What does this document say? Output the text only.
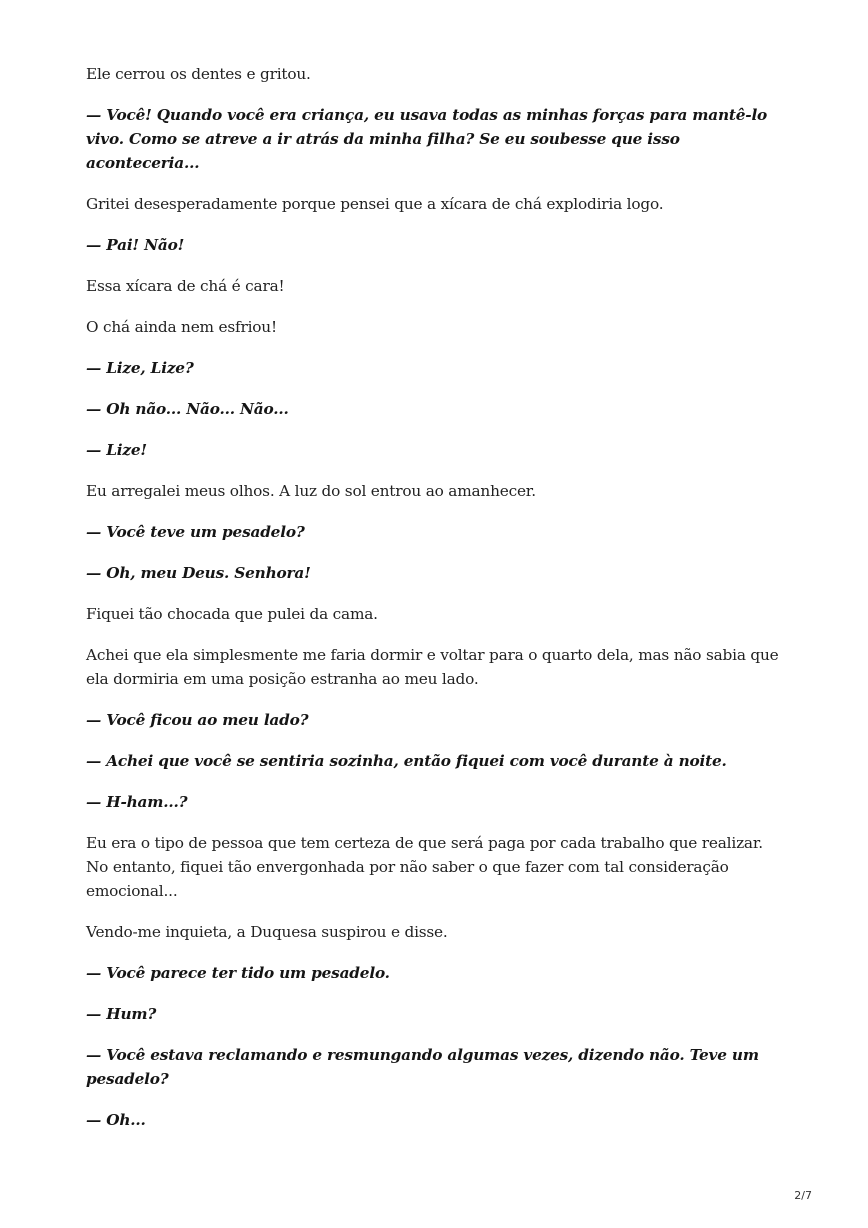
Ele cerrou os dentes e gritou.

— Você! Quando você era criança, eu usava todas as minhas forças para mantê-lo vivo. Como se atreve a ir atrás da minha filha? Se eu soubesse que isso aconteceria...

Gritei desesperadamente porque pensei que a xícara de chá explodiria logo.

— Pai! Não!

Essa xícara de chá é cara!

O chá ainda nem esfriou!

— Lize, Lize?

— Oh não... Não... Não...

— Lize!

Eu arregalei meus olhos. A luz do sol entrou ao amanhecer.

— Você teve um pesadelo?

— Oh, meu Deus. Senhora!

Fiquei tão chocada que pulei da cama.

Achei que ela simplesmente me faria dormir e voltar para o quarto dela, mas não sabia que ela dormiria em uma posição estranha ao meu lado.

— Você ficou ao meu lado?

— Achei que você se sentiria sozinha, então fiquei com você durante à noite.

— H-ham...?

Eu era o tipo de pessoa que tem certeza de que será paga por cada trabalho que realizar. No entanto, fiquei tão envergonhada por não saber o que fazer com tal consideração emocional...

Vendo-me inquieta, a Duquesa suspirou e disse.

— Você parece ter tido um pesadelo.

— Hum?

— Você estava reclamando e resmungando algumas vezes, dizendo não. Teve um pesadelo?

— Oh...

2/7
